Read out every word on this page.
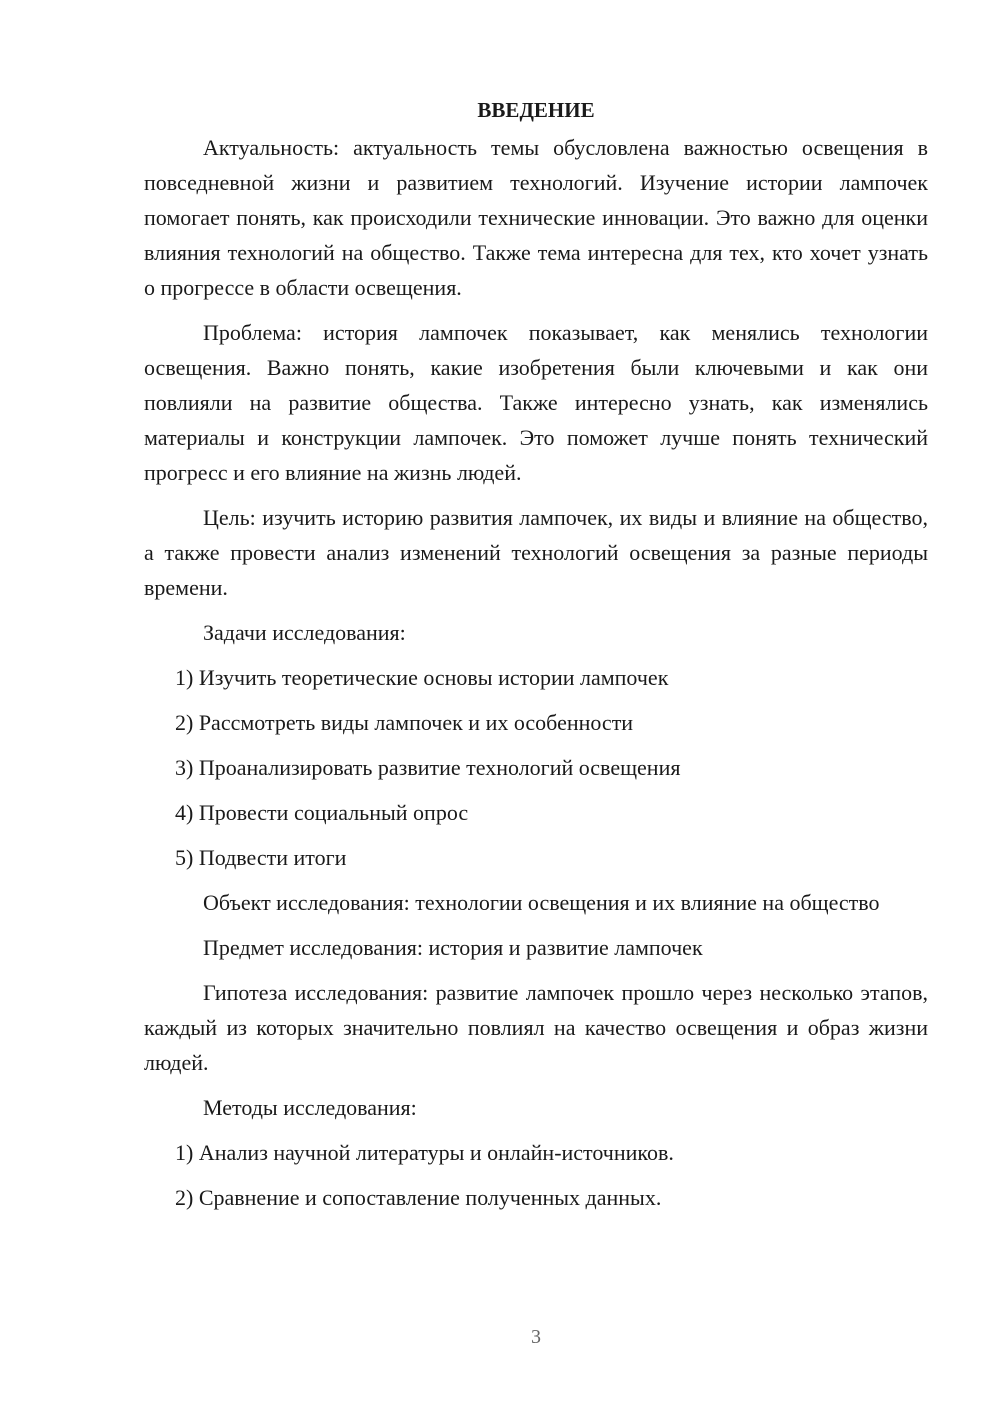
ВВЕДЕНИЕ

Актуальность: актуальность темы обусловлена важностью освещения в повседневной жизни и развитием технологий. Изучение истории лампочек помогает понять, как происходили технические инновации. Это важно для оценки влияния технологий на общество. Также тема интересна для тех, кто хочет узнать о прогрессе в области освещения.

Проблема: история лампочек показывает, как менялись технологии освещения. Важно понять, какие изобретения были ключевыми и как они повлияли на развитие общества. Также интересно узнать, как изменялись материалы и конструкции лампочек. Это поможет лучше понять технический прогресс и его влияние на жизнь людей.

Цель: изучить историю развития лампочек, их виды и влияние на общество, а также провести анализ изменений технологий освещения за разные периоды времени.

Задачи исследования:

1) Изучить теоретические основы истории лампочек

2) Рассмотреть виды лампочек и их особенности

3) Проанализировать развитие технологий освещения

4) Провести социальный опрос

5) Подвести итоги

Объект исследования: технологии освещения и их влияние на общество

Предмет исследования: история и развитие лампочек

Гипотеза исследования: развитие лампочек прошло через несколько этапов, каждый из которых значительно повлиял на качество освещения и образ жизни людей.

Методы исследования:

1) Анализ научной литературы и онлайн-источников.

2) Сравнение и сопоставление полученных данных.

3
